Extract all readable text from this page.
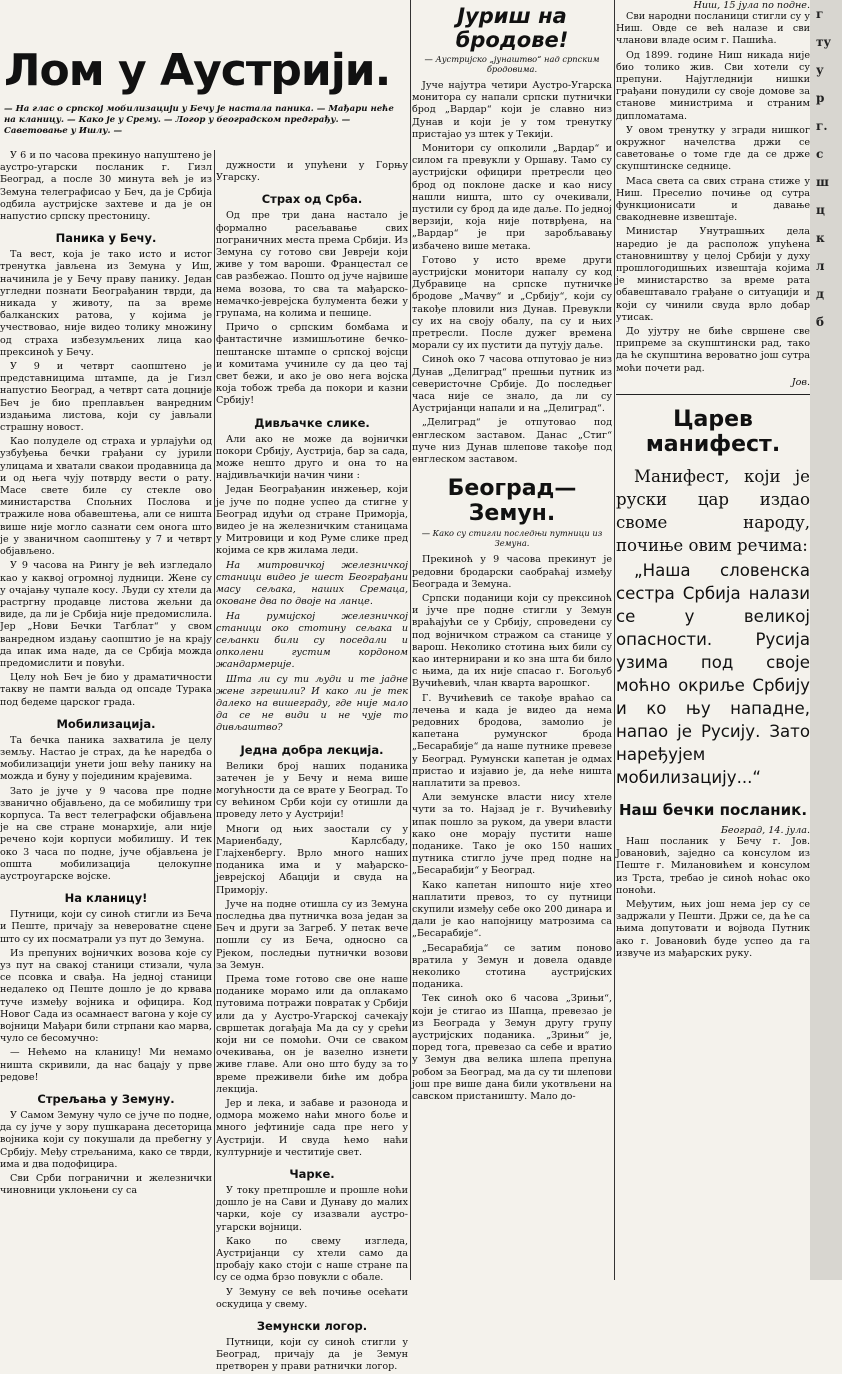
Лом у Аустрији.
— На глас о српској мобилизацији у Бечу је настала паника. — Мађари неће на кланицу. — Како је у Срему. — Логор у београдском предграђу. — Саветовање у Ишлу. —

У 6 и по часова прекинуо напуштено је аустро-угарски посланик г. Гизл Београд, а после 30 минута већ је из Земуна телеграфисао у Беч, да је Србија одбила аустријске захтеве и да је он напустио српску престоницу.

Паника у Бечу.

Та вест, која је тако исто и истог тренутка јављена из Земуна у Иш, начинила је у Бечу праву панику. Један угледни познати Београђанин тврди, да никада у животу, па за време балканских ратова, у којима је учествовао, није видео толику множину од страха избезумљених лица као прексиноћ у Бечу.

У 9 и четврт саопштено је представницима штампе, да је Гизл напустио Београд, а четврт сата доцније Беч је био преплављен ванредним издањима листова, који су јављали страшну новост.

Као полуделе од страха и урлајући од узбуђења бечки грађани су јурили улицама и хватали свакои продавница да и од њега чују потврду вести о рату. Масе свете биле су стекле ово министарства Спољних Послова и тражиле нова обавештења, али се ништа више није могло сазнати сем онога што је у званичном саопштењу у 7 и четврт објављено.

У 9 часова на Рингу је већ изгледало као у каквој огромној лудници. Жене су у очајању чупале косу. Људи су хтели да растргну продавце листова жељни да виде, да ли је Србија није предомислила. Јер „Нови Бечки Тагблат“ у свом ванредном издању саопштио је на крају да ипак има наде, да се Србија можда предомислити и повући.

Целу ноћ Беч је био у драматичности такву не памти ваљда од опсаде Турака под бедеме царског града.

Мобилизација.

Та бечка паника захватила је целу земљу. Настао је страх, да ће наредба о мобилизацији унети још већу панику на можда и буну у појединим крајевима.

Зато је јуче у 9 часова пре подне званично објављено, да се мобилишу три корпуса. Та вест телеграфски објављена је на све стране монархије, али није речено који корпуси мобилишу. И тек око 3 часа по подне, јуче објављена је општа мобилизација целокупне аустроугарске војске.

На кланицу!

Путници, који су синоћ стигли из Беча и Пеште, причају за невероватне сцене што су их посматрали уз пут до Земуна.

Из препуних војничких возова које су уз пут на свакој станици стизали, чула се псовка и свађа. На једној станици недалеко од Пеште дошло је до крвава туче између војника и официра. Код Новог Сада из осамнаест вагона у које су војници Мађари били стрпани као марва, чуло се бесомучно:

— Нећемо на кланицу! Ми немамо ништа скривили, да нас бацају у прве редове!

Стрељања у Земуну.

У Самом Земуну чуло се јуче по подне, да су јуче у зору пушкарана десеторица војника који су покушали да пребегну у Србију. Међу стрељанима, како се тврди, има и два подофицира.

Сви Срби погранични и железнички чиновници уклоњени су са

дужности и упућени у Горњу Угарску.

Страх од Срба.

Од пре три дана настало је формално расељавање свих пограничних места према Србији. Из Земуна су готово сви Јевреји који живе у том вароши. Францестал се сав разбежао. Пошто од јуче највише нема возова, то сва та мађарско-немачко-јеврејска булумента бежи у групама, на колима и пешице.

Причо о српским бомбама и фантастичне измишљотине бечко-пештанске штампе о српској војсци и комитама учиниле су да цео тај свет бежи, и ако је ово нега војска која тобож треба да покори и казни Србију!

Дивљачке слике.

Али ако не може да војнички покори Србију, Аустрија, бар за сада, може нешто друго и она то на најдивљачкији начин чини :

Један Београђанин инжењер, који је јуче по подне успео да стигне у Београд идући од стране Приморја, видео је на железничким станицама у Митровици и код Руме слике пред којима се крв жилама леди.

На митровичкој железничкој станици видео је шест Београђани масу сељака, наших Сремаца, оковане два по двоје на ланце.

На румијској железничкој станици око стотину сељака и сељанки били су поседали и опколени густим кордоном жандармерије.

Шта ли су ти људи и те јадне жене згрешили? И како ли је тек далеко на вишеграду, где није мало да се не види и не чује то дивљаштво?

Једна добра лекција.

Велики број наших поданика затечен је у Бечу и нема више могућности да се врате у Београд. То су већином Срби који су отишли да проведу лето у Аустрији!

Многи од њих заостали су у Мариенбаду, Карлсбаду, Глајхенбергу. Врло много наших поданика има и у мађарско-јеврејској Абацији и свуда на Приморју.

Јуче на подне отишла су из Земуна последња два путничка воза један за Беч и други за Загреб. У петак вече пошли су из Беча, односно са Рјеком, последњи путнички возови за Земун.

Према томе готово све оне наше поданике морамо или да оплакамо путовима потражи повратак у Србији или да у Аустро-Угарској сачекају свршетак догађаја Ма да су у срећи који ни се помоћи. Очи се сваком очекивања, он је вазелно изнети живе главе. Али оно што буду за то време преживели биће им добра лекција.

Јер и лека, и забаве и разонода и одмора можемо наћи много боље и много јефтиније сада пре него у Аустрији. И свуда ћемо наћи културније и честитије свет.

Чарке.

У току претпрошле и прошле ноћи дошло је на Сави и Дунаву до малих чарки, које су изазвали аустро-угарски војници.

Како по свему изгледа, Аустријанци су хтели само да пробају како стоји с наше стране па су се одма брзо повукли с обале.

У Земуну се већ почиње осећати оскудица у свему.

Земунски логор.

Путници, који су синоћ стигли у Београд, причају да је Земун претворен у прави ратнички логор.

Јуриш на бродове!
— Аустријско „јунаштво“ над српским бродовима.

Јуче најутра четири Аустро-Угарска монитора су напали српски путнички брод „Вардар“ који је славно низ Дунав и који је у том тренутку пристајао уз штек у Текији.

Монитори су опколили „Вардар“ и силом га превукли у Оршаву. Тамо су аустријски официри претресли цео брод од поклоне даске и као нису нашли ништа, што су очекивали, пустили су брод да иде даље. По једној верзији, која није потврђена, на „Вардар“ је при заробљавању избачено више метака.

Готово у исто време други аустријски монитори напалу су код Дубравице на српске путничке бродове „Мачву“ и „Србију“, који су такође пловили низ Дунав. Превукли су их на своју обалу, па су и њих претресли. После дужег времена морали су их пустити да путују даље.

Синоћ око 7 часова отпутовао је низ Дунав „Делиград“ прешњи путник из северисточне Србије. До последњег часа није се знало, да ли су Аустријанци напали и на „Делиград“.

„Делиград“ је отпутовао под енглеском заставом. Данас „Стиг“ пуче низ Дунав шлепове такође под енглеском заставом.

Београд—Земун.
— Како су стигли последњи путници из Земуна.

Прекиноћ у 9 часова прекинут је редовни бродарски саобраћај између Београда и Земуна.

Српски поданици који су прексиноћ и јуче пре подне стигли у Земун враћајући се у Србију, спроведени су под војничком стражом са станице у варош. Неколико стотина њих били су као интернирани и ко зна шта би било с њима, да их није спасао г. Богољуб Вучићевић, члан кварта варошког.

Г. Вучићевић се такође враћао са лечења и када је видео да нема редовних бродова, замолио је капетана румунског брода „Бесарабије“ да наше путнике превезе у Београд. Румунски капетан је одмах пристао и изјавио је, да неће ништа наплатити за превоз.

Али земунске власти нису хтеле чути за то. Најзад је г. Вучићевићу ипак пошло за руком, да увери власти како оне морају пустити наше поданике. Тако је око 150 наших путника стигло јуче пред подне на „Бесарабији“ у Београд.

Како капетан нипошто није хтео наплатити превоз, то су путници скупили између себе око 200 динара и дали је као напојницу матрозима са „Бесарабије“.

„Бесарабија“ се затим поново вратила у Земун и довела одавде неколико стотина аустријских поданика.

Тек синоћ око 6 часова „Зрињи“, који је стигао из Шапца, превезао је из Београда у Земун другу групу аустријских поданика. „Зрињи“ је, поред тога, превезао са себе и вратио у Земун два велика шлепа препуна робом за Београд, ма да су ти шлепови још пре више дана били укотвљени на савском пристаништу. Мало до-

Ниш, 15 јула по подне.

Сви народни посланици стигли су у Ниш. Овде се већ налазе и сви чланови владе осим г. Пашића.

Од 1899. године Ниш никада није био толико жив. Сви хотели су препуни. Најугледнији нишки грађани понудили су своје домове за станове министрима и страним дипломатама.

У овом тренутку у згради нишког окружног начелства држи се саветовање о томе где да се држе скупштинске седнице.

Маса света са свих страна стиже у Ниш. Преселио почиње од сутра функционисати и давање свакодневне извештаје.

Министар Унутрашњих дела наредио је да располож упућена становништву у целој Србији у духу прошлогодишњих извештаја којима је министарство за време рата обавештавало грађане о ситуацији и који су чинили свуда врло добар утисак.

До ујутру не биће свршене све припреме за скупштински рад, тако да ће скупштина вероватно још сутра моћи почети рад.

Јов.
Царев манифест.

Манифест, који је руски цар издао своме народу, почиње овим речима:

„Наша словенска сестра Србија налази се у великој опасности. Русија узима под своје моћно окриље Србију и ко њу нападне, напао је Русију. Зато нарeђујем мобилизацију...“

Наш бечки посланик.
Београд, 14. јула.

Наш посланик у Бечу г. Јов. Јовановић, заједно са консулом из Пеште г. Милановићем и консулом из Трста, требао је синоћ ноћас око поноћи.

Међутим, њих још нема јер су се задржали у Пешти. Држи се, да ће са њима допутовати и војвода Путник ако г. Јовановић буде успео да га извуче из мађарских руку.

г
ту
у
р
г.
с
ш
ц
к
л
д
б
